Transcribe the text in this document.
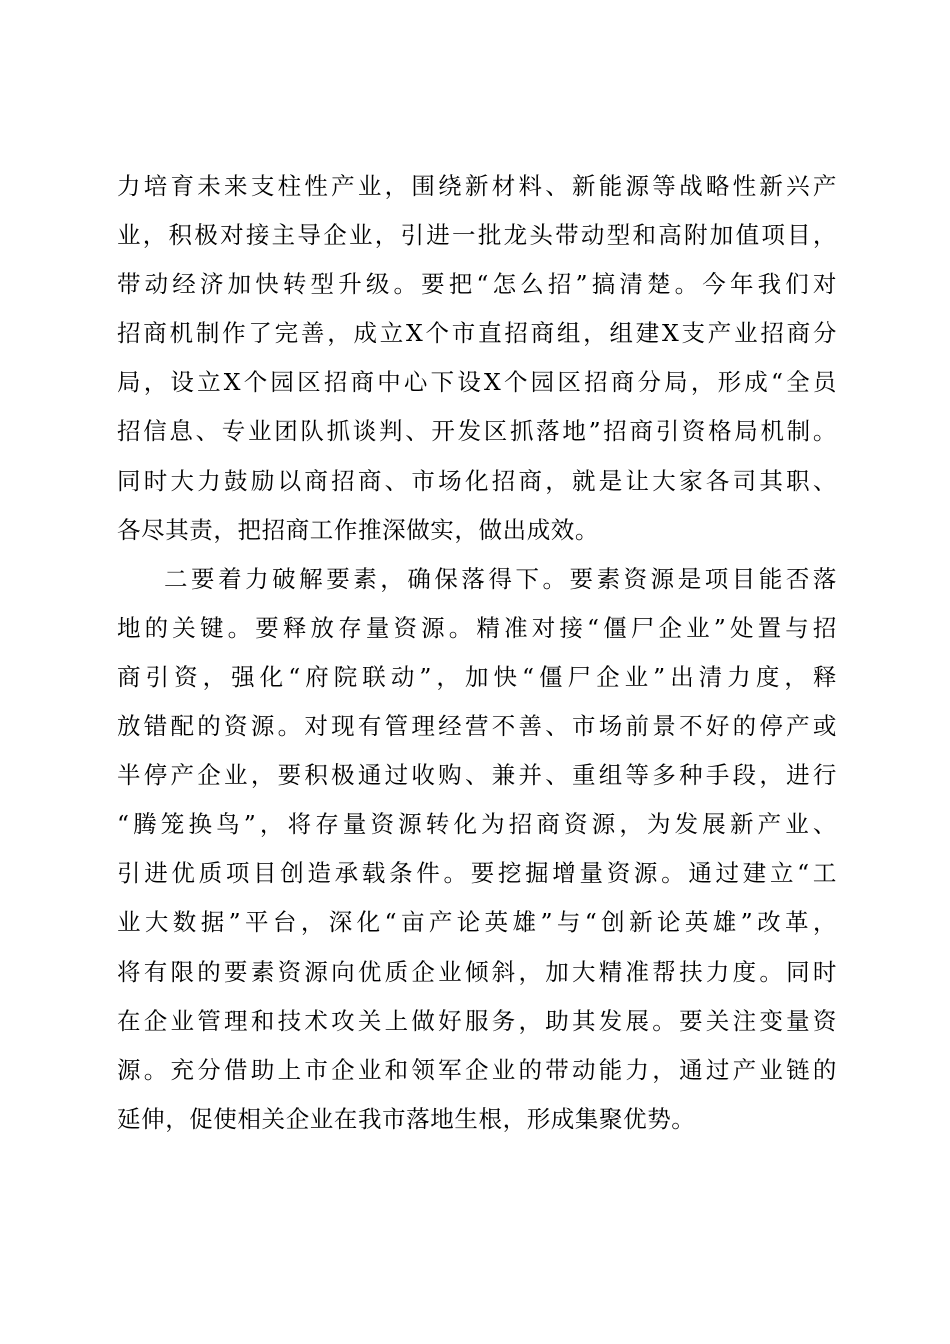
力培育未来支柱性产业，围绕新材料、新能源等战略性新兴产
业，积极对接主导企业，引进一批龙头带动型和高附加值项目，
带动经济加快转型升级。要把“怎么招”搞清楚。今年我们对
招商机制作了完善，成立X个市直招商组，组建X支产业招商分
局，设立X个园区招商中心下设X个园区招商分局，形成“全员
招信息、专业团队抓谈判、开发区抓落地”招商引资格局机制。
同时大力鼓励以商招商、市场化招商，就是让大家各司其职、
各尽其责，把招商工作推深做实，做出成效。
二要着力破解要素，确保落得下。要素资源是项目能否落
地的关键。要释放存量资源。精准对接“僵尸企业”处置与招
商引资，强化“府院联动”，加快“僵尸企业”出清力度，释
放错配的资源。对现有管理经营不善、市场前景不好的停产或
半停产企业，要积极通过收购、兼并、重组等多种手段，进行
“腾笼换鸟”，将存量资源转化为招商资源，为发展新产业、
引进优质项目创造承载条件。要挖掘增量资源。通过建立“工
业大数据”平台，深化“亩产论英雄”与“创新论英雄”改革，
将有限的要素资源向优质企业倾斜，加大精准帮扶力度。同时
在企业管理和技术攻关上做好服务，助其发展。要关注变量资
源。充分借助上市企业和领军企业的带动能力，通过产业链的
延伸，促使相关企业在我市落地生根，形成集聚优势。
